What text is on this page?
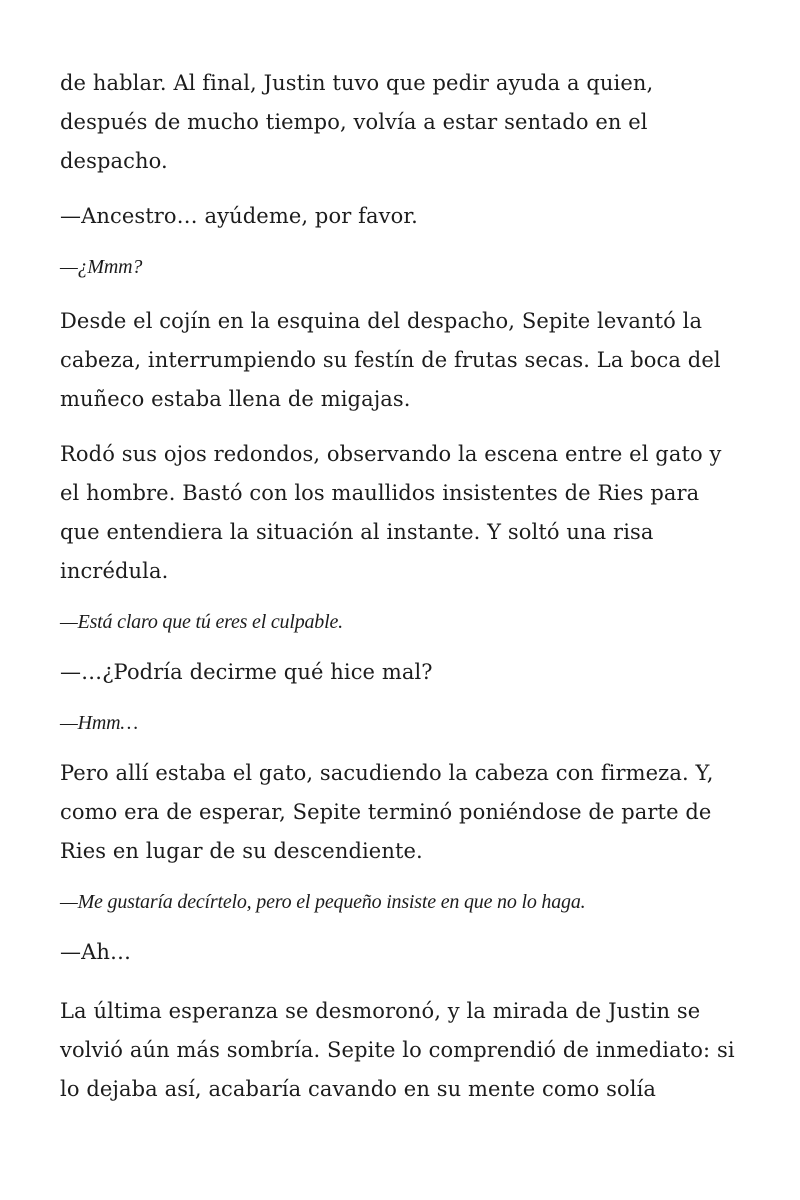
de hablar. Al final, Justin tuvo que pedir ayuda a quien, después de mucho tiempo, volvía a estar sentado en el despacho.

—Ancestro… ayúdeme, por favor.

—¿Mmm?

Desde el cojín en la esquina del despacho, Sepite levantó la cabeza, interrumpiendo su festín de frutas secas. La boca del muñeco estaba llena de migajas.

Rodó sus ojos redondos, observando la escena entre el gato y el hombre. Bastó con los maullidos insistentes de Ries para que entendiera la situación al instante. Y soltó una risa incrédula.

—Está claro que tú eres el culpable.

—…¿Podría decirme qué hice mal?

—Hmm…

Pero allí estaba el gato, sacudiendo la cabeza con firmeza. Y, como era de esperar, Sepite terminó poniéndose de parte de Ries en lugar de su descendiente.

—Me gustaría decírtelo, pero el pequeño insiste en que no lo haga.

—Ah…

La última esperanza se desmoronó, y la mirada de Justin se volvió aún más sombría. Sepite lo comprendió de inmediato: si lo dejaba así, acabaría cavando en su mente como solía
